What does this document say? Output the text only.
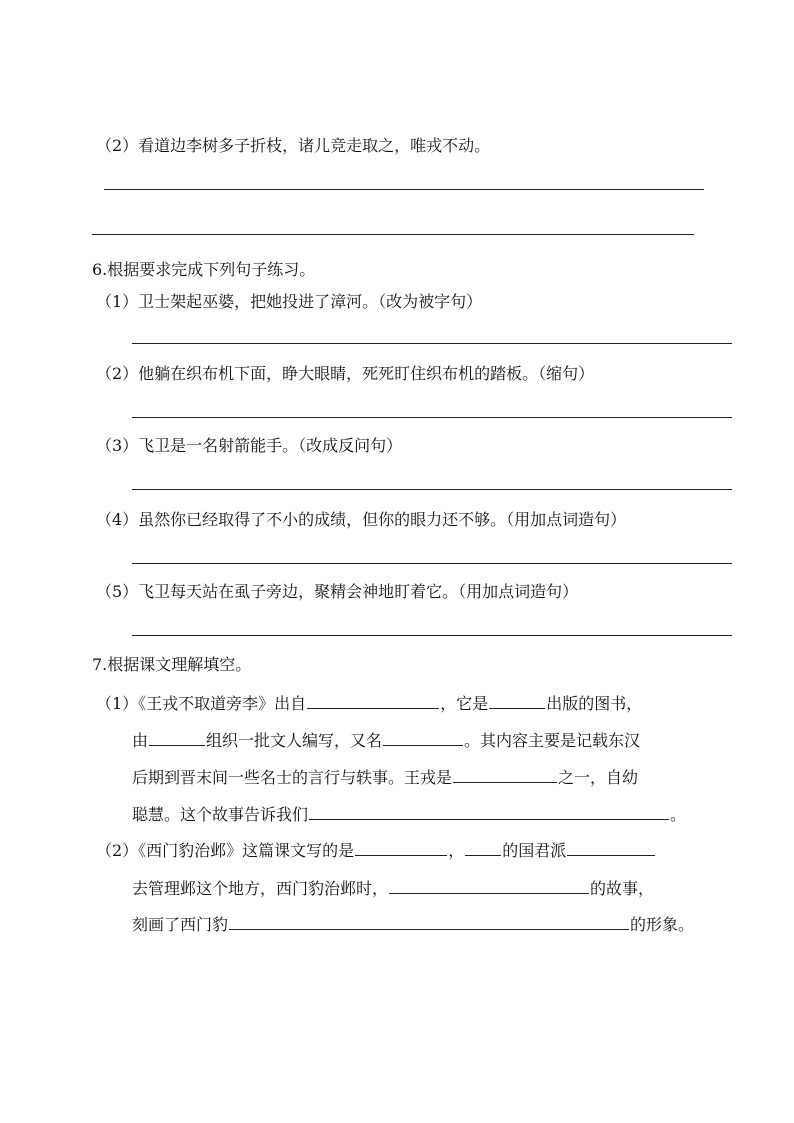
（2）看道边李树多子折枝，诸儿竞走取之，唯戎不动。
6.根据要求完成下列句子练习。
（1）卫士架起巫婆，把她投进了漳河。（改为被字句）
（2）他躺在织布机下面，睁大眼睛，死死盯住织布机的踏板。（缩句）
（3）飞卫是一名射箭能手。（改成反问句）
（4）虽然你已经取得了不小的成绩，但你的眼力还不够。（用加点词造句）
（5）飞卫每天站在虱子旁边，聚精会神地盯着它。（用加点词造句）
7.根据课文理解填空。
（1）《王戎不取道旁李》出自	，它是	出版的图书，
由	组织一批文人编写，又名	。其内容主要是记载东汉
后期到晋末间一些名士的言行与轶事。王戎是	之一，自幼
聪慧。这个故事告诉我们	。
（2）《西门豹治邺》这篇课文写的是	， 的国君派
去管理邺这个地方，西门豹治邺时，	的故事，
刻画了西门豹	的形象。
